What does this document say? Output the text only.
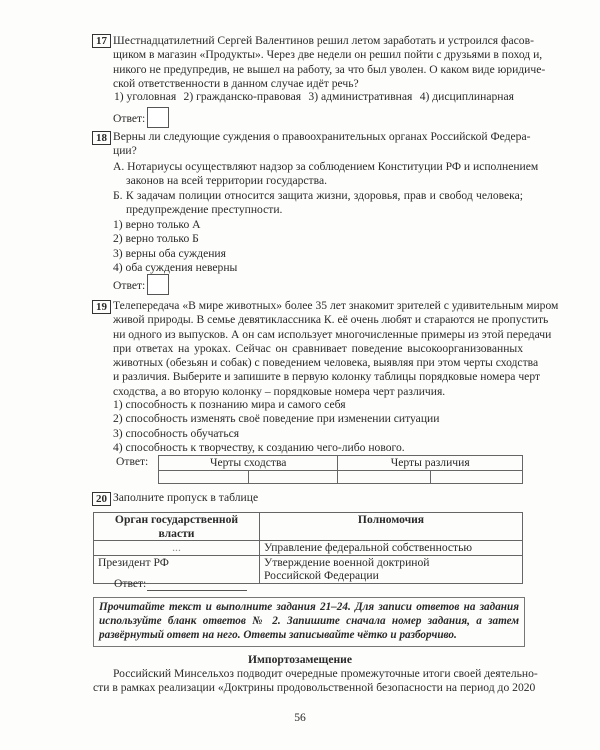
17 Шестнадцатилетний Сергей Валентинов решил летом заработать и устроился фасов-
щиком в магазин «Продукты». Через две недели он решил пойти с друзьями в поход и,
никого не предупредив, не вышел на работу, за что был уволен. О каком виде юридиче-
ской ответственности в данном случае идёт речь?
1) уголовная 2) гражданско-правовая 3) административная 4) дисциплинарная
Ответ:
18 Верны ли следующие суждения о правоохранительных органах Российской Федера-
ции?
А. Нотариусы осуществляют надзор за соблюдением Конституции РФ и исполнением
законов на всей территории государства.
Б. К задачам полиции относится защита жизни, здоровья, прав и свобод человека;
предупреждение преступности.
1) верно только А
2) верно только Б
3) верны оба суждения
4) оба суждения неверны
Ответ:
19 Телепередача «В мире животных» более 35 лет знакомит зрителей с удивительным миром
живой природы. В семье девятиклассника К. её очень любят и стараются не пропустить
ни одного из выпусков. А он сам использует многочисленные примеры из этой передачи
при ответах на уроках. Сейчас он сравнивает поведение высокоорганизованных
животных (обезьян и собак) с поведением человека, выявляя при этом черты сходства
и различия. Выберите и запишите в первую колонку таблицы порядковые номера черт
сходства, а во вторую колонку – порядковые номера черт различия.
1) способность к познанию мира и самого себя
2) способность изменять своё поведение при изменении ситуации
3) способность обучаться
4) способность к творчеству, к созданию чего-либо нового.
Ответ:	Черты сходства		Черты различия	

20 Заполните пропуск в таблице
Орган государственной власти	Полномочия
...	Управление федеральной собственностью
Президент РФ	Утверждение военной доктриной Российской Федерации
Ответ:
Прочитайте текст и выполните задания 21–24. Для записи ответов на задания используйте бланк ответов № 2. Запишите сначала номер задания, а затем развёрнутый ответ на него. Ответы записывайте чётко и разборчиво.
Импортозамещение
Российский Минсельхоз подводит очередные промежуточные итоги своей деятельно-
сти в рамках реализации «Доктрины продовольственной безопасности на период до 2020
56
